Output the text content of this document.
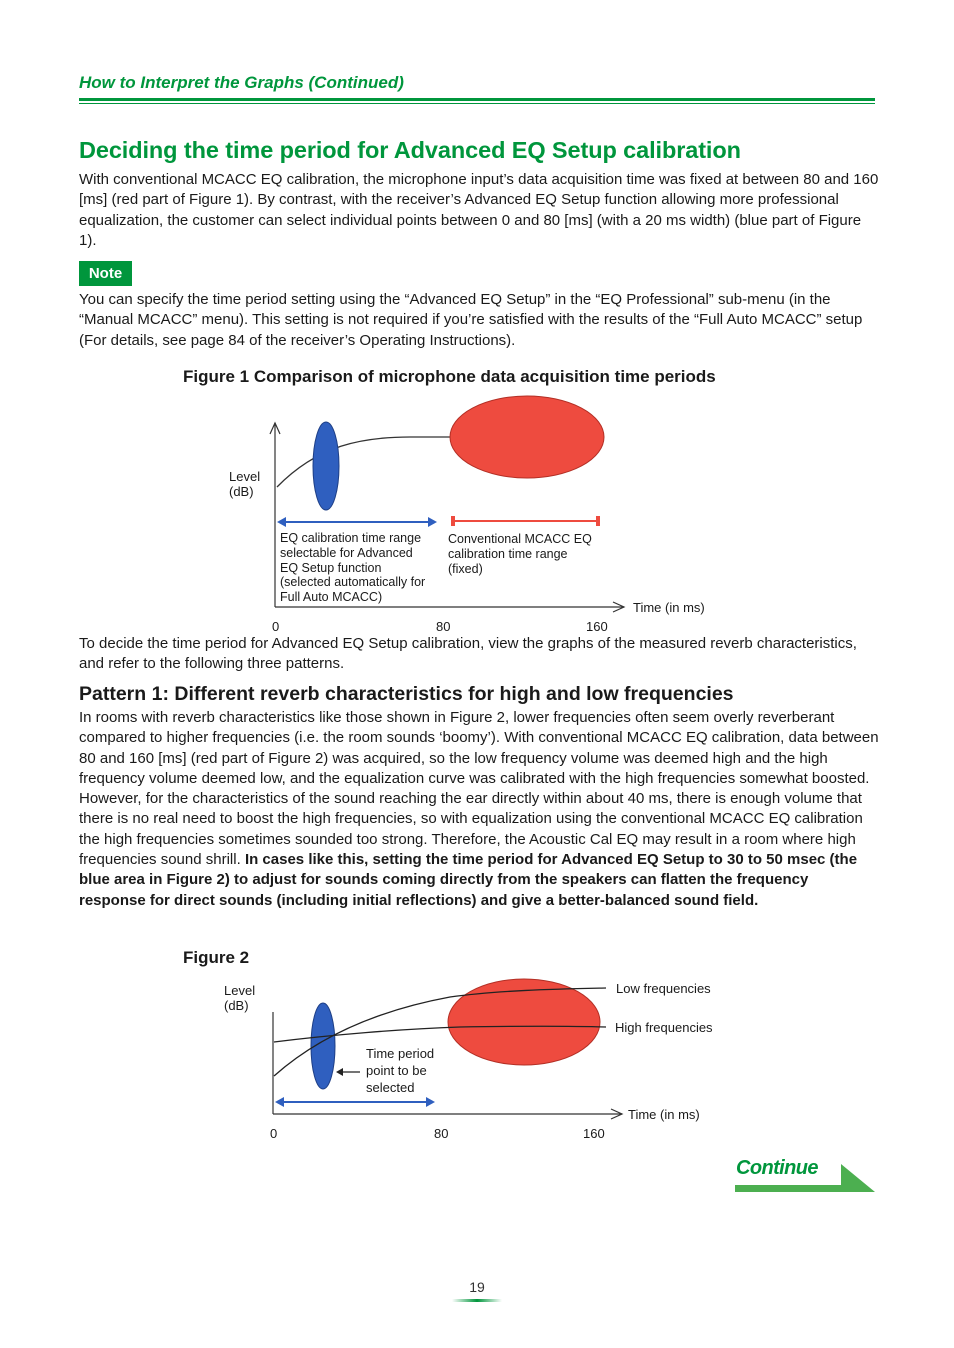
How to Interpret the Graphs (Continued)
Deciding the time period for Advanced EQ Setup calibration
With conventional MCACC EQ calibration, the microphone input’s data acquisition time was fixed at between 80 and 160 [ms] (red part of Figure 1). By contrast, with the receiver’s Advanced EQ Setup function allowing more professional equalization, the customer can select individual points between 0 and 80 [ms] (with a 20 ms width) (blue part of Figure 1).
Note
You can specify the time period setting using the “Advanced EQ Setup” in the “EQ Professional” sub-menu (in the “Manual MCACC” menu). This setting is not required if you’re satisfied with the results of the “Full Auto MCACC” setup (For details, see page 84 of the receiver’s Operating Instructions).
Figure 1 Comparison of microphone data acquisition time periods
Level
(dB)
EQ calibration time range
selectable for Advanced
EQ Setup function
(selected automatically for
Full Auto MCACC)
Conventional MCACC EQ
calibration time range
(fixed)
Time (in ms)
0	80	160
To decide the time period for Advanced EQ Setup calibration, view the graphs of the measured reverb characteristics, and refer to the following three patterns.
Pattern 1: Different reverb characteristics for high and low frequencies
In rooms with reverb characteristics like those shown in Figure 2, lower frequencies often seem overly reverberant compared to higher frequencies (i.e. the room sounds ‘boomy’). With conventional MCACC EQ calibration, data between 80 and 160 [ms] (red part of Figure 2) was acquired, so the low frequency volume was deemed high and the high frequency volume deemed low, and the equalization curve was calibrated with the high frequencies somewhat boosted. However, for the characteristics of the sound reaching the ear directly within about 40 ms, there is enough volume that there is no real need to boost the high frequencies, so with equalization using the conventional MCACC EQ calibration the high frequencies sometimes sounded too strong. Therefore, the Acoustic Cal EQ may result in a room where high frequencies sound shrill. In cases like this, setting the time period for Advanced EQ Setup to 30 to 50 msec (the blue area in Figure 2) to adjust for sounds coming directly from the speakers can flatten the frequency response for direct sounds (including initial reflections) and give a better-balanced sound field.
Figure 2
Level
(dB)
Low frequencies
High frequencies
Time period
point to be
selected
Time (in ms)
0	80	160
Continue
19
